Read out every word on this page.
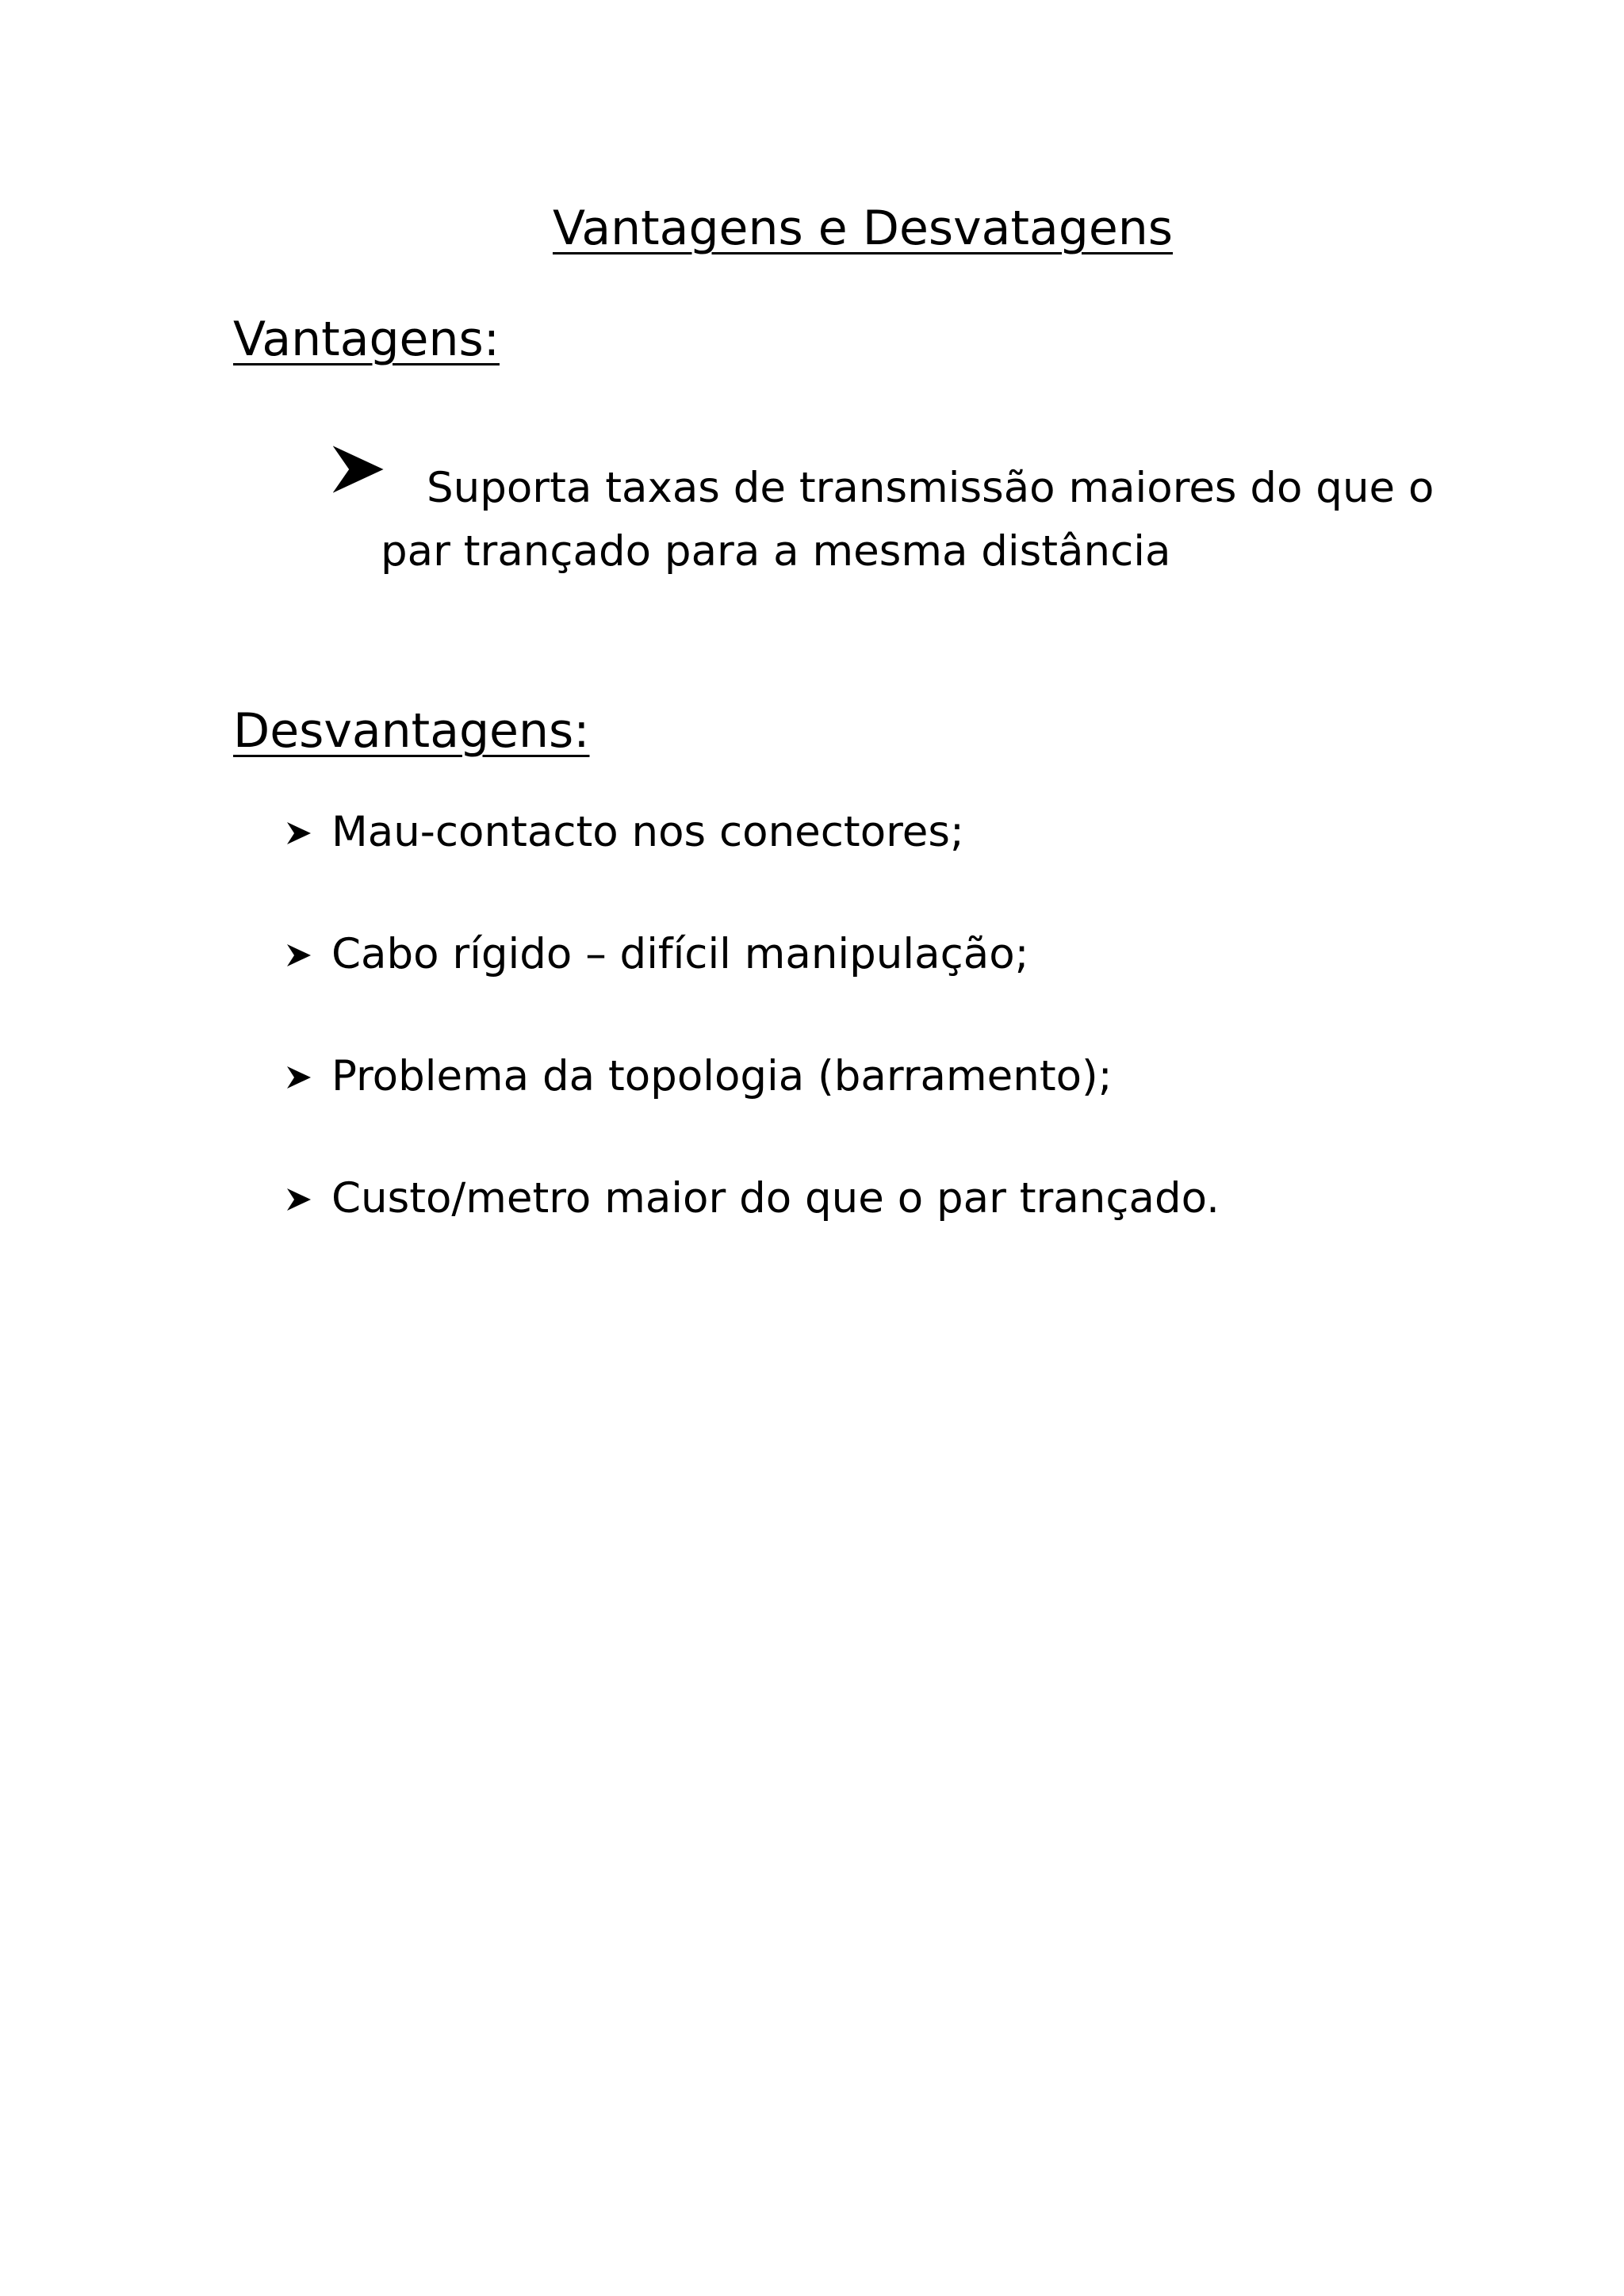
Vantagens e Desvatagens
Vantagens:
Suporta taxas de transmissão maiores do que o
par trançado para a mesma distância
Desvantagens:
Mau-contacto nos conectores;
Cabo rígido – difícil manipulação;
Problema da topologia (barramento);
Custo/metro maior do que o par trançado.
